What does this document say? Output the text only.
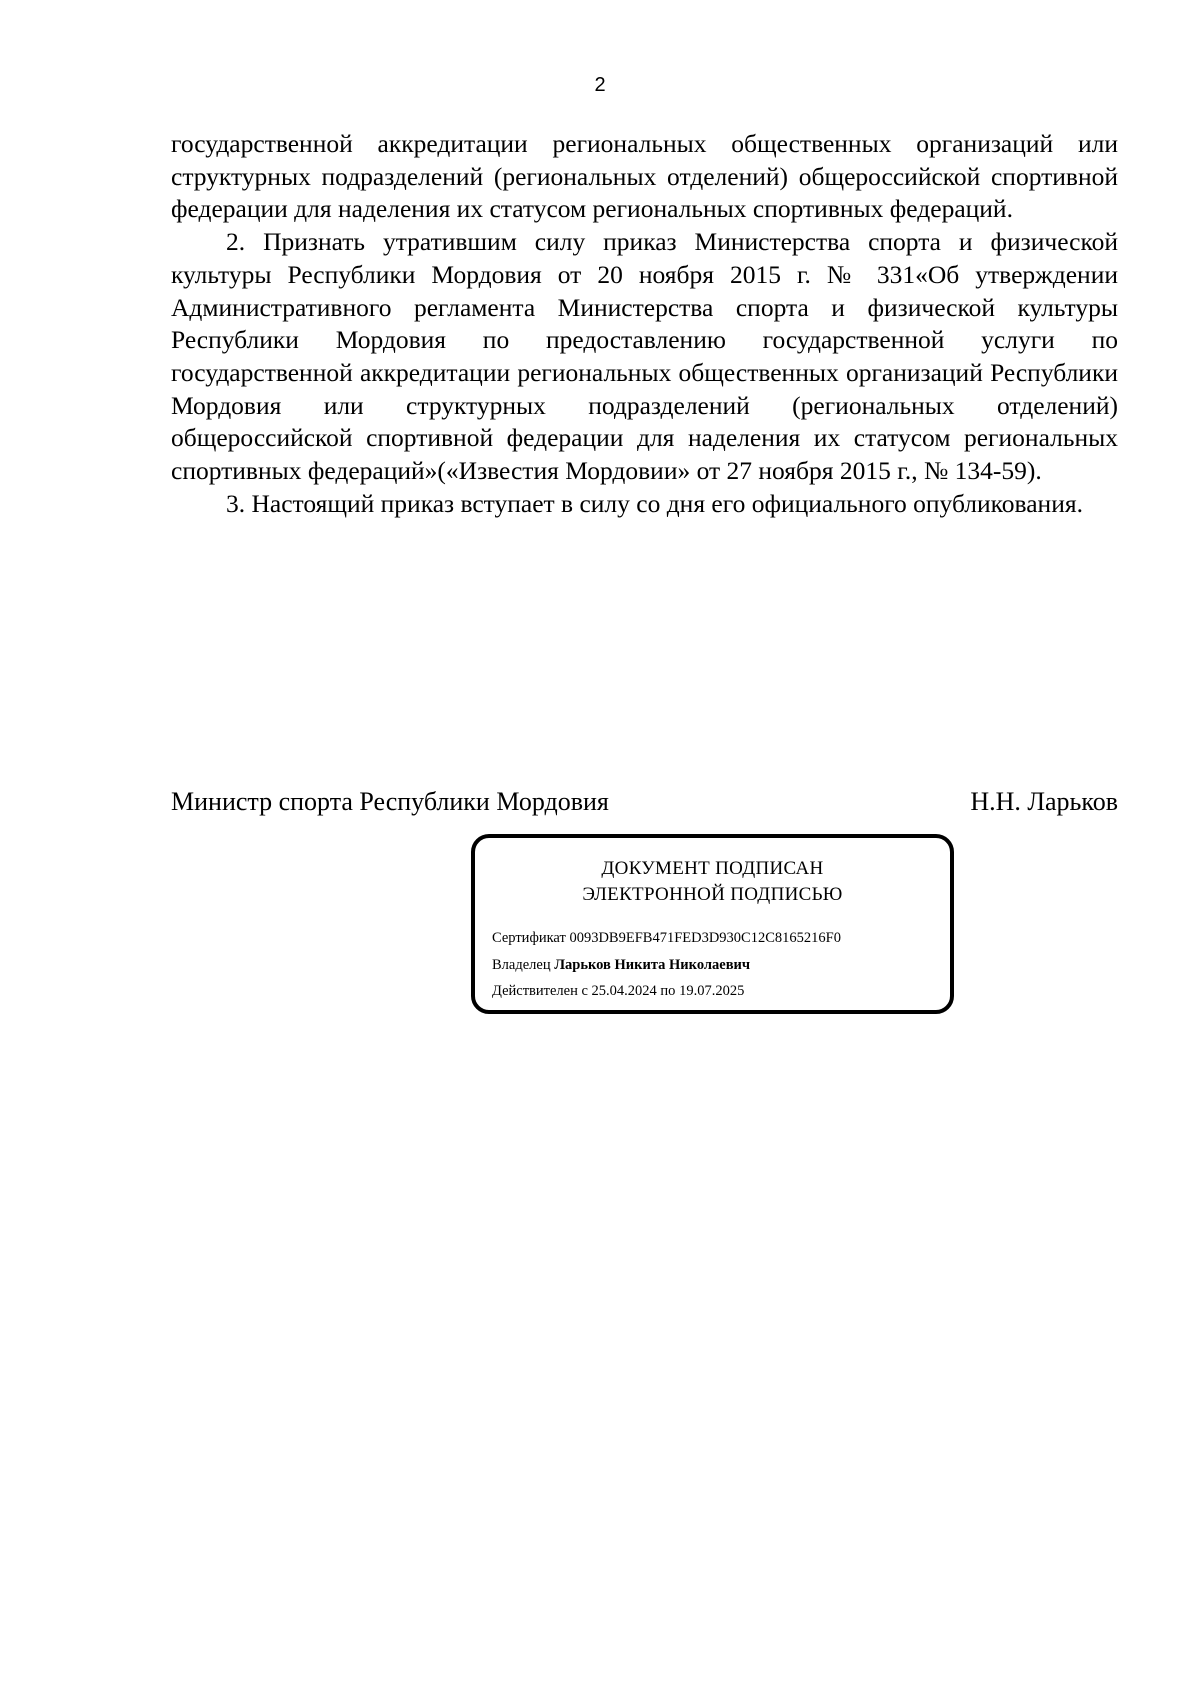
2

государственной аккредитации региональных общественных организаций или структурных подразделений (региональных отделений) общероссийской спортивной федерации для наделения их статусом региональных спортивных федераций.

2. Признать утратившим силу приказ Министерства спорта и физической культуры Республики Мордовия от 20 ноября 2015 г. № 331«Об утверждении Административного регламента Министерства спорта и физической культуры Республики Мордовия по предоставлению государственной услуги по государственной аккредитации региональных общественных организаций Республики Мордовия или структурных подразделений (региональных отделений) общероссийской спортивной федерации для наделения их статусом региональных спортивных федераций»(«Известия Мордовии» от 27 ноября 2015 г., № 134-59).

3. Настоящий приказ вступает в силу со дня его официального опубликования.

Министр спорта Республики Мордовия	Н.Н. Ларьков
ДОКУМЕНТ ПОДПИСАН
ЭЛЕКТРОННОЙ ПОДПИСЬЮ
Сертификат 0093DB9EFB471FED3D930C12C8165216F0
Владелец Ларьков Никита Николаевич
Действителен с 25.04.2024 по 19.07.2025
